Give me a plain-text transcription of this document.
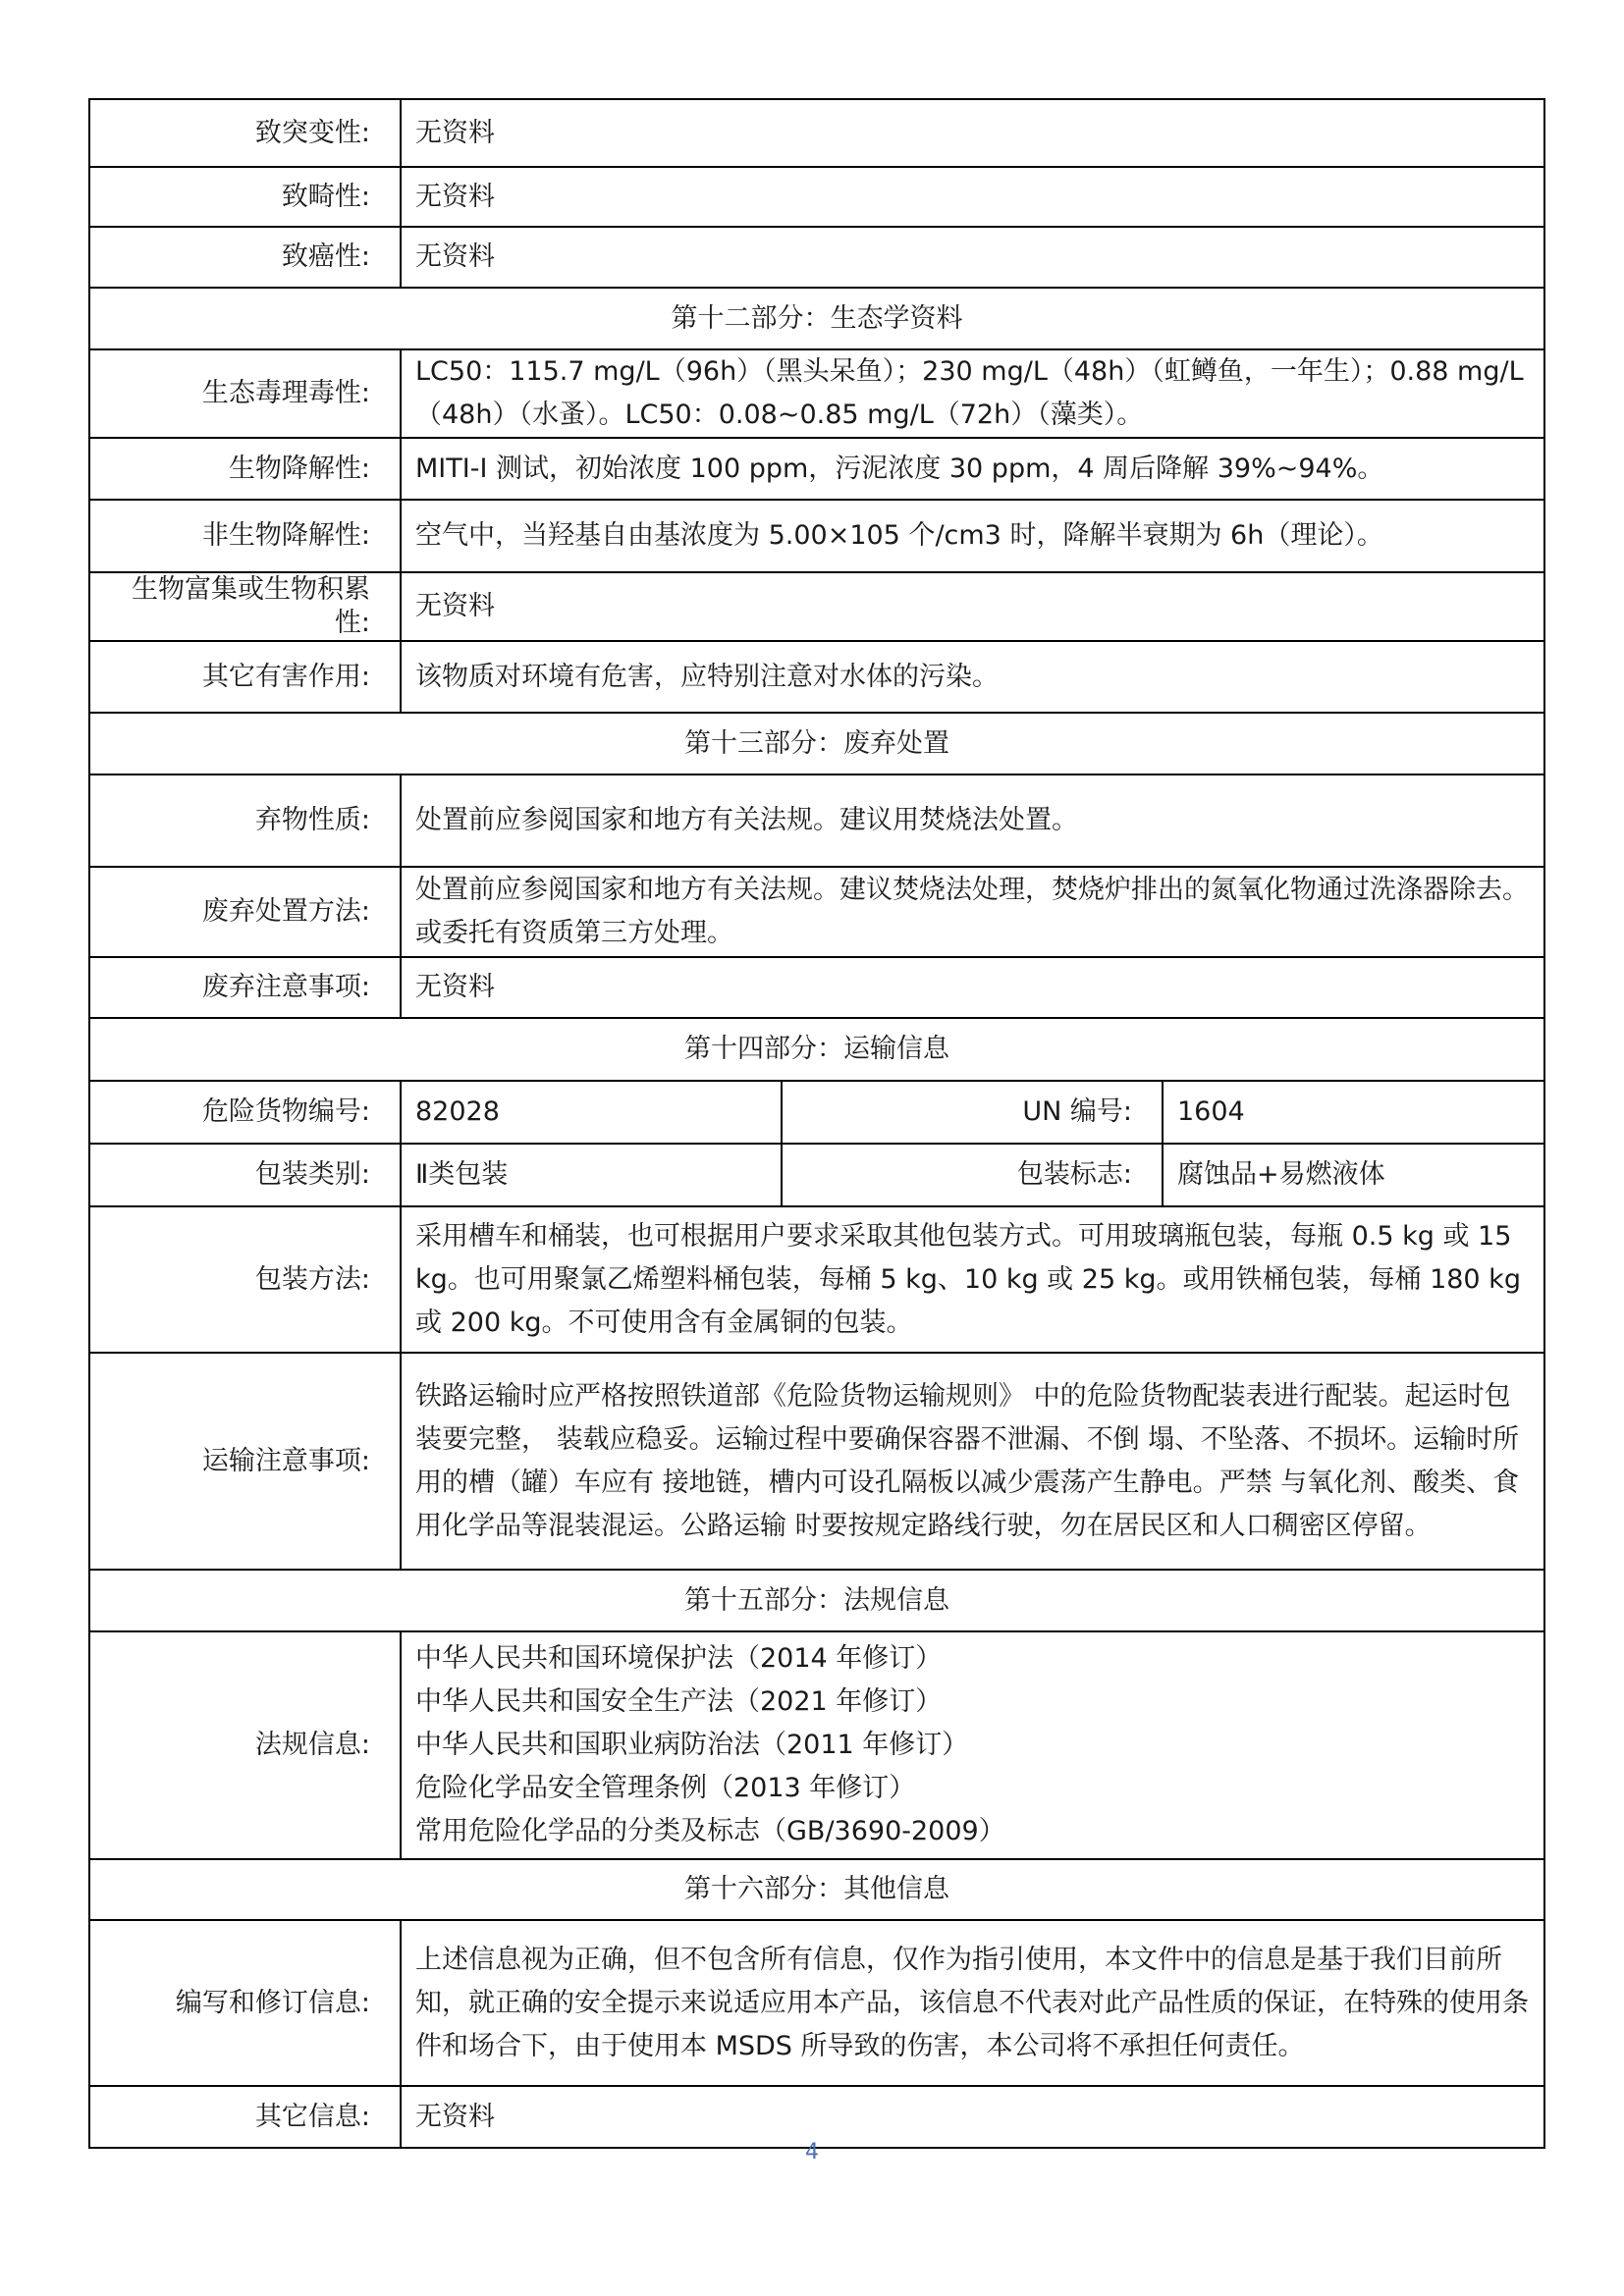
致突变性:	无资料		
致畸性:	无资料		
致癌性:	无资料		
第十二部分：生态学资料			
生态毒理毒性:	LC50：115.7 mg/L（96h）（黑头呆鱼）；230 mg/L（48h）（虹鳟鱼，一年生）；0.88 mg/L（48h）（水蚤）。LC50：0.08~0.85 mg/L（72h）（藻类）。		
生物降解性:	MITI-I 测试，初始浓度 100 ppm，污泥浓度 30 ppm，4 周后降解 39%~94%。		
非生物降解性:	空气中，当羟基自由基浓度为 5.00×105 个/cm3 时，降解半衰期为 6h（理论）。		
生物富集或生物积累性:	无资料		
其它有害作用:	该物质对环境有危害，应特别注意对水体的污染。		
第十三部分：废弃处置			
弃物性质:	处置前应参阅国家和地方有关法规。建议用焚烧法处置。		
废弃处置方法:	处置前应参阅国家和地方有关法规。建议焚烧法处理，焚烧炉排出的氮氧化物通过洗涤器除去。或委托有资质第三方处理。		
废弃注意事项:	无资料		
第十四部分：运输信息			
危险货物编号:	82028	UN 编号:	1604
包装类别:	Ⅱ类包装	包装标志:	腐蚀品+易燃液体
包装方法:	采用槽车和桶装，也可根据用户要求采取其他包装方式。可用玻璃瓶包装，每瓶 0.5 kg 或 15 kg。也可用聚氯乙烯塑料桶包装，每桶 5 kg、10 kg 或 25 kg。或用铁桶包装，每桶 180 kg 或 200 kg。不可使用含有金属铜的包装。		
运输注意事项:	铁路运输时应严格按照铁道部《危险货物运输规则》 中的危险货物配装表进行配装。起运时包装要完整， 装载应稳妥。运输过程中要确保容器不泄漏、不倒 塌、不坠落、不损坏。运输时所用的槽（罐）车应有 接地链，槽内可设孔隔板以减少震荡产生静电。严禁 与氧化剂、酸类、食用化学品等混装混运。公路运输 时要按规定路线行驶，勿在居民区和人口稠密区停留。		
第十五部分：法规信息			
法规信息:	中华人民共和国环境保护法（2014 年修订）
中华人民共和国安全生产法（2021 年修订）
中华人民共和国职业病防治法（2011 年修订）
危险化学品安全管理条例（2013 年修订）
常用危险化学品的分类及标志（GB/3690-2009）		

第十六部分：其他信息			
编写和修订信息:	上述信息视为正确，但不包含所有信息，仅作为指引使用，本文件中的信息是基于我们目前所知，就正确的安全提示来说适应用本产品，该信息不代表对此产品性质的保证，在特殊的使用条件和场合下，由于使用本 MSDS 所导致的伤害，本公司将不承担任何责任。		
其它信息:	无资料		
4
